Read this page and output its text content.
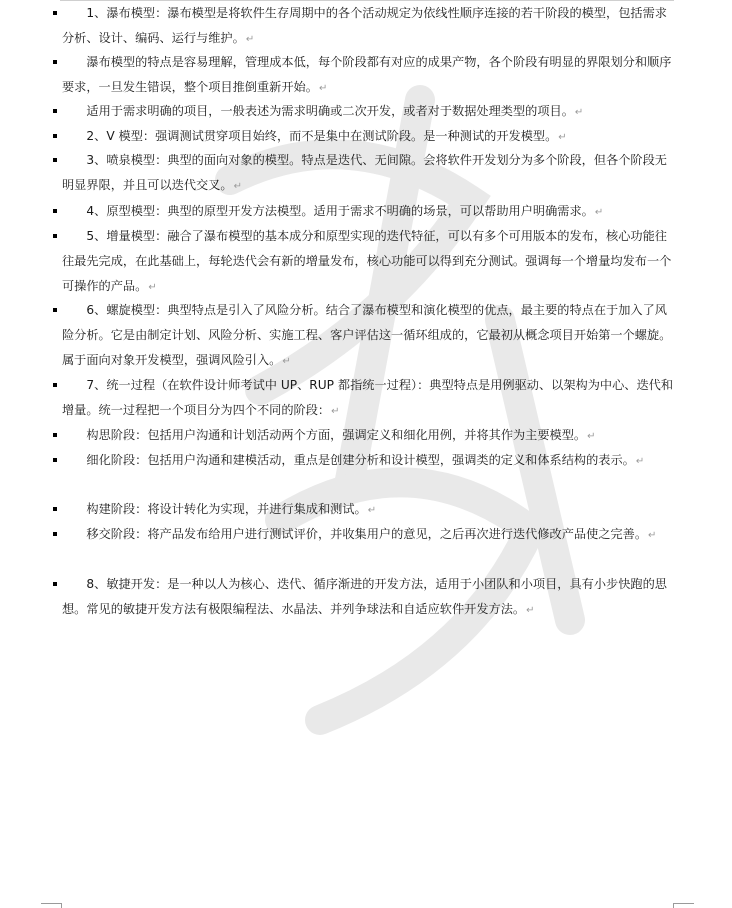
1、瀑布模型：瀑布模型是将软件生存周期中的各个活动规定为依线性顺序连接的若干阶段的模型，包括需求分析、设计、编码、运行与维护。↵
瀑布模型的特点是容易理解，管理成本低，每个阶段都有对应的成果产物，各个阶段有明显的界限划分和顺序要求，一旦发生错误，整个项目推倒重新开始。↵
适用于需求明确的项目，一般表述为需求明确或二次开发，或者对于数据处理类型的项目。↵
2、V 模型：强调测试贯穿项目始终，而不是集中在测试阶段。是一种测试的开发模型。↵
3、喷泉模型：典型的面向对象的模型。特点是迭代、无间隙。会将软件开发划分为多个阶段，但各个阶段无明显界限，并且可以迭代交叉。↵
4、原型模型：典型的原型开发方法模型。适用于需求不明确的场景，可以帮助用户明确需求。↵
5、增量模型：融合了瀑布模型的基本成分和原型实现的迭代特征，可以有多个可用版本的发布，核心功能往往最先完成，在此基础上，每轮迭代会有新的增量发布，核心功能可以得到充分测试。强调每一个增量均发布一个可操作的产品。↵
6、螺旋模型：典型特点是引入了风险分析。结合了瀑布模型和演化模型的优点，最主要的特点在于加入了风险分析。它是由制定计划、风险分析、实施工程、客户评估这一循环组成的，它最初从概念项目开始第一个螺旋。属于面向对象开发模型，强调风险引入。↵
7、统一过程（在软件设计师考试中 UP、RUP 都指统一过程）：典型特点是用例驱动、以架构为中心、迭代和增量。统一过程把一个项目分为四个不同的阶段：↵
构思阶段：包括用户沟通和计划活动两个方面，强调定义和细化用例，并将其作为主要模型。↵
细化阶段：包括用户沟通和建模活动，重点是创建分析和设计模型，强调类的定义和体系结构的表示。↵
构建阶段：将设计转化为实现，并进行集成和测试。↵
移交阶段：将产品发布给用户进行测试评价，并收集用户的意见，之后再次进行迭代修改产品使之完善。↵
8、敏捷开发：是一种以人为核心、迭代、循序渐进的开发方法，适用于小团队和小项目，具有小步快跑的思想。常见的敏捷开发方法有极限编程法、水晶法、并列争球法和自适应软件开发方法。↵
